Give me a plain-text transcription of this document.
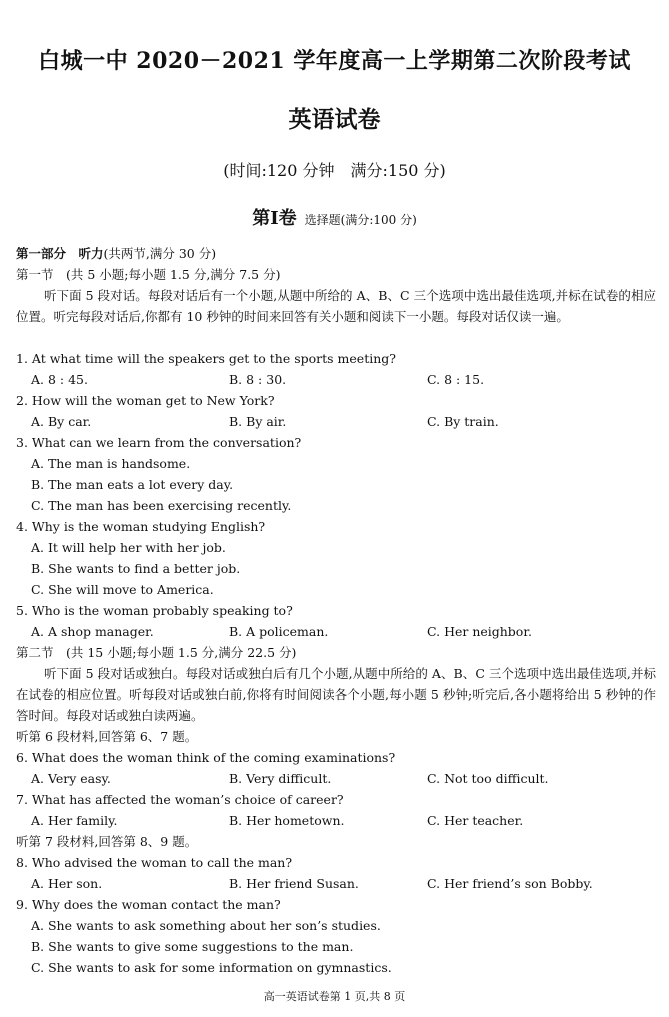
白城一中 2020－2021 学年度高一上学期第二次阶段考试
英语试卷
(时间:120 分钟　满分:150 分)
第Ⅰ卷 选择题(满分:100 分)
第一部分　听力(共两节,满分 30 分)
第一节　(共 5 小题;每小题 1.5 分,满分 7.5 分)
听下面 5 段对话。每段对话后有一个小题,从题中所给的 A、B、C 三个选项中选出最佳选项,并标在试卷的相应位置。听完每段对话后,你都有 10 秒钟的时间来回答有关小题和阅读下一小题。每段对话仅读一遍。
1. At what time will the speakers get to the sports meeting?
A. 8 : 45.	B. 8 : 30.	C. 8 : 15.
2. How will the woman get to New York?
A. By car.	B. By air.	C. By train.
3. What can we learn from the conversation?
A. The man is handsome.
B. The man eats a lot every day.
C. The man has been exercising recently.
4. Why is the woman studying English?
A. It will help her with her job.
B. She wants to find a better job.
C. She will move to America.
5. Who is the woman probably speaking to?
A. A shop manager.	B. A policeman.	C. Her neighbor.
第二节　(共 15 小题;每小题 1.5 分,满分 22.5 分)
听下面 5 段对话或独白。每段对话或独白后有几个小题,从题中所给的 A、B、C 三个选项中选出最佳选项,并标在试卷的相应位置。听每段对话或独白前,你将有时间阅读各个小题,每小题 5 秒钟;听完后,各小题将给出 5 秒钟的作答时间。每段对话或独白读两遍。
听第 6 段材料,回答第 6、7 题。
6. What does the woman think of the coming examinations?
A. Very easy.	B. Very difficult.	C. Not too difficult.
7. What has affected the woman’s choice of career?
A. Her family.	B. Her hometown.	C. Her teacher.
听第 7 段材料,回答第 8、9 题。
8. Who advised the woman to call the man?
A. Her son.	B. Her friend Susan.	C. Her friend’s son Bobby.
9. Why does the woman contact the man?
A. She wants to ask something about her son’s studies.
B. She wants to give some suggestions to the man.
C. She wants to ask for some information on gymnastics.
高一英语试卷第 1 页,共 8 页
